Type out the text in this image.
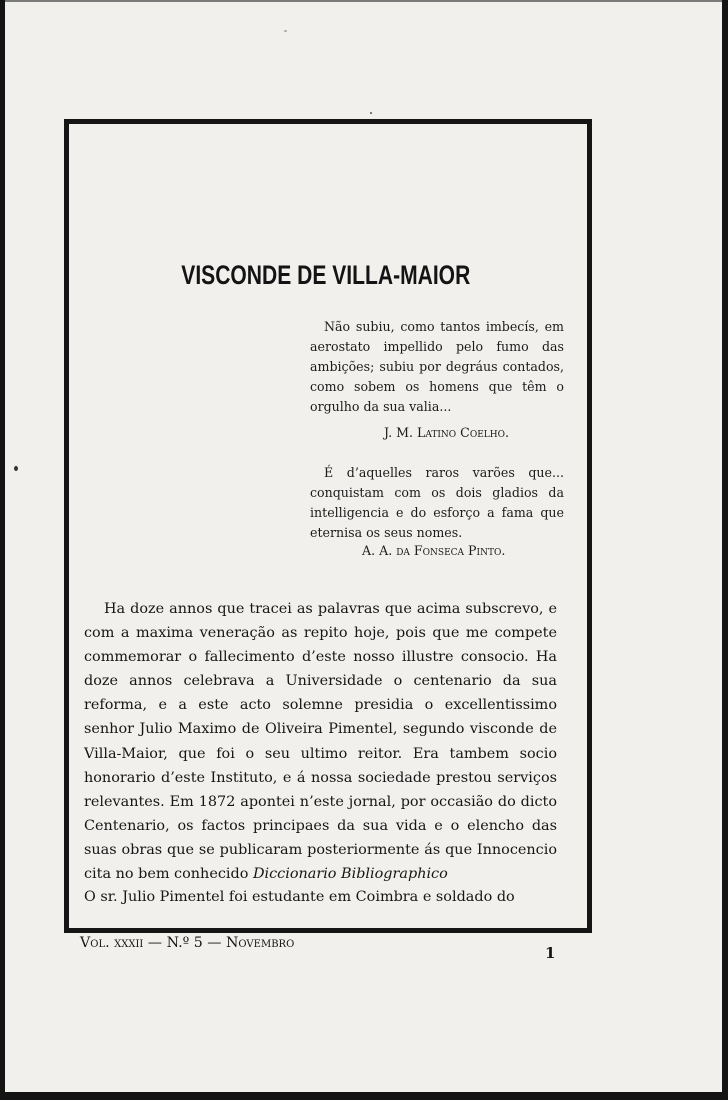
VISCONDE DE VILLA-MAIOR
Não subiu, como tantos imbecís, em aerostato impellido pelo fumo das ambições; subiu por degráus contados, como sobem os homens que têm o orgulho da sua valia...
J. M. Latino Coelho.
É d’aquelles raros varões que... conquistam com os dois gladios da intelligencia e do esforço a fama que eternisa os seus nomes.
A. A. da Fonseca Pinto.
Ha doze annos que tracei as palavras que acima subscrevo, e com a maxima veneração as repito hoje, pois que me compete commemorar o fallecimento d’este nosso illustre consocio. Ha doze annos celebrava a Universidade o centenario da sua reforma, e a este acto solemne presidia o excellentissimo senhor Julio Maximo de Oliveira Pimentel, segundo visconde de Villa-Maior, que foi o seu ultimo reitor. Era tambem socio honorario d’este Instituto, e á nossa sociedade prestou serviços relevantes. Em 1872 apontei n’este jornal, por occasião do dicto Centenario, os factos principaes da sua vida e o elencho das suas obras que se publicaram posteriormente ás que Innocencio cita no bem conhecido Diccionario Bibliographico
O sr. Julio Pimentel foi estudante em Coimbra e soldado do
Vol. xxxii — N.º 5 — Novembro
1
